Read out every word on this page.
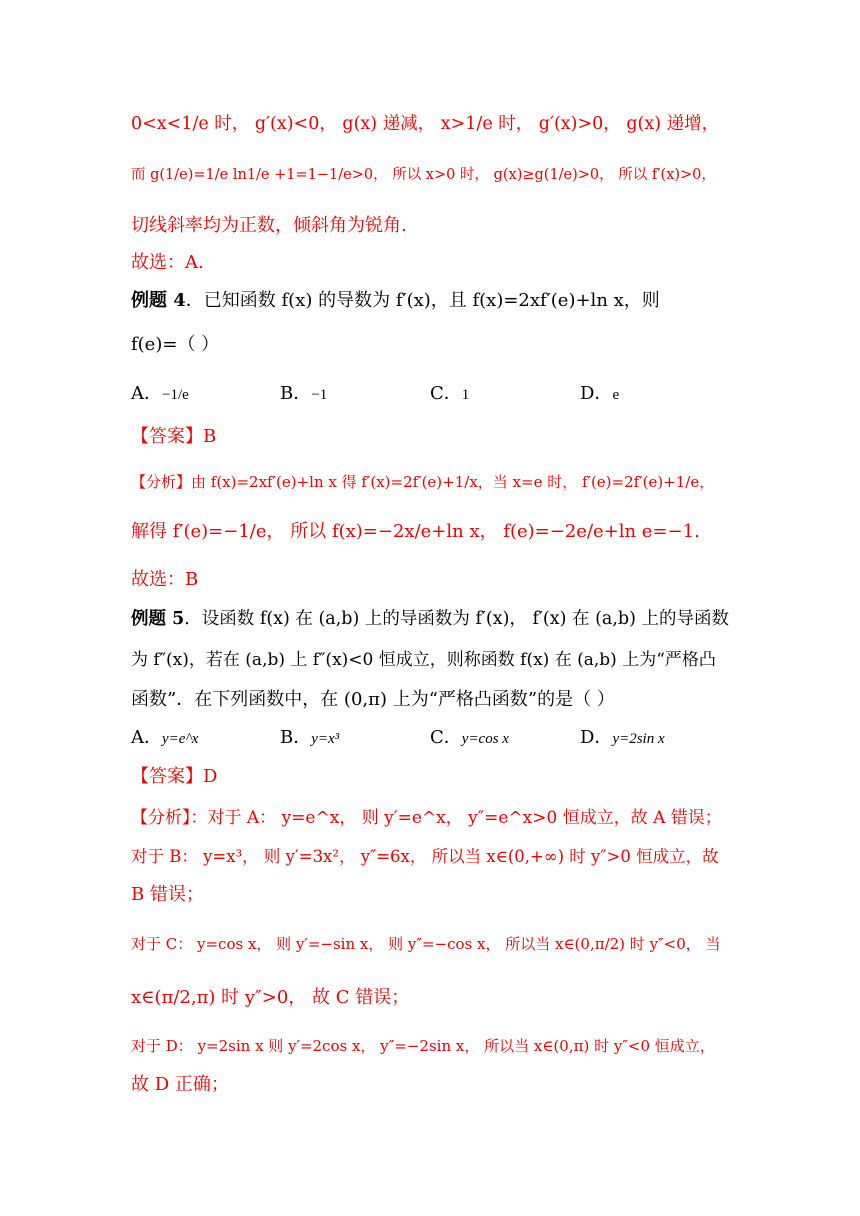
0<x<1/e 时， g′(x)<0， g(x) 递减， x>1/e 时， g′(x)>0， g(x) 递增，
而 g(1/e)=1/e ln1/e +1=1−1/e>0， 所以 x>0 时， g(x)≥g(1/e)>0， 所以 f′(x)>0，
切线斜率均为正数，倾斜角为锐角.
故选：A.
例题 4．已知函数 f(x) 的导数为 f′(x)，且 f(x)=2xf′(e)+ln x，则
f(e)=（ ）
A．−1/e	B．−1	C．1	D．e
【答案】B
【分析】由 f(x)=2xf′(e)+ln x 得 f′(x)=2f′(e)+1/x，当 x=e 时， f′(e)=2f′(e)+1/e，
解得 f′(e)=−1/e， 所以 f(x)=−2x/e+ln x， f(e)=−2e/e+ln e=−1.
故选：B
例题 5．设函数 f(x) 在 (a,b) 上的导函数为 f′(x)， f′(x) 在 (a,b) 上的导函数
为 f″(x)，若在 (a,b) 上 f″(x)<0 恒成立，则称函数 f(x) 在 (a,b) 上为“严格凸
函数”．在下列函数中，在 (0,π) 上为“严格凸函数”的是（ ）
A．y=e^x	B．y=x³	C．y=cos x	D．y=2sin x
【答案】D
【分析】：对于 A： y=e^x， 则 y′=e^x， y″=e^x>0 恒成立，故 A 错误；
对于 B： y=x³， 则 y′=3x²， y″=6x， 所以当 x∈(0,+∞) 时 y″>0 恒成立，故
B 错误；
对于 C： y=cos x， 则 y′=−sin x， 则 y″=−cos x， 所以当 x∈(0,π/2) 时 y″<0， 当
x∈(π/2,π) 时 y″>0， 故 C 错误；
对于 D： y=2sin x 则 y′=2cos x， y″=−2sin x， 所以当 x∈(0,π) 时 y″<0 恒成立，
故 D 正确；
